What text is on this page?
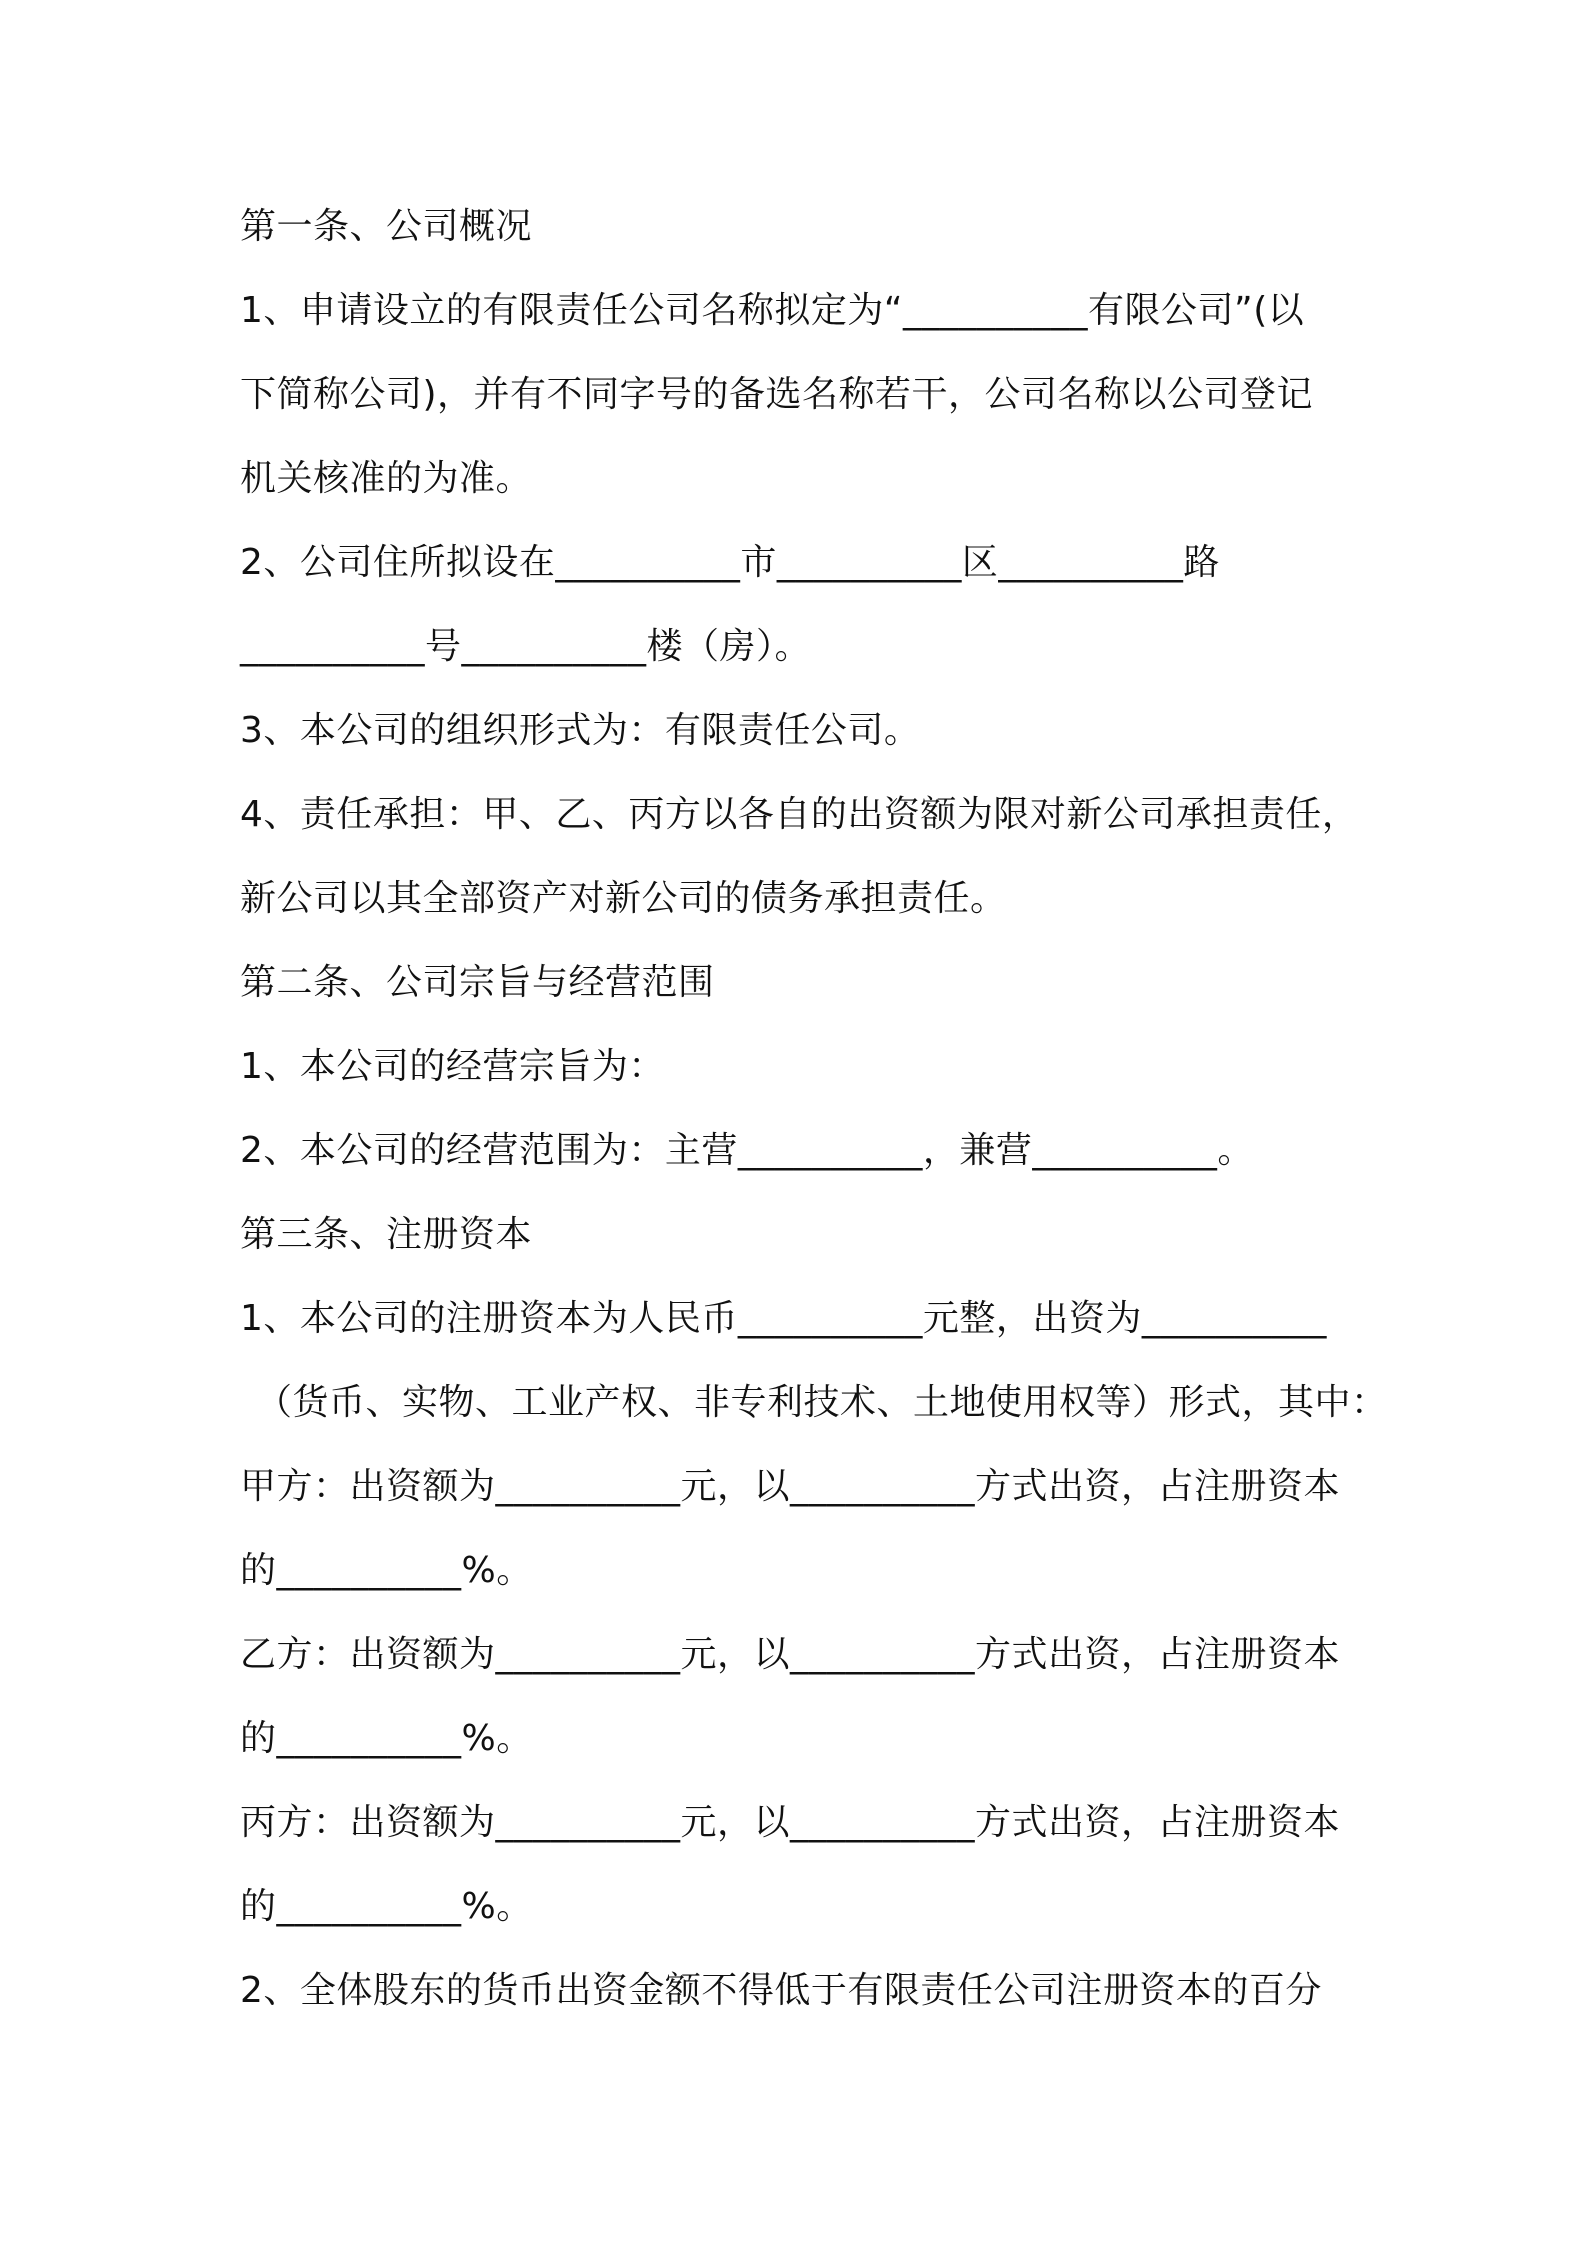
第一条、公司概况

1、申请设立的有限责任公司名称拟定为“__________有限公司”(以

下简称公司)，并有不同字号的备选名称若干，公司名称以公司登记

机关核准的为准。

2、公司住所拟设在__________市__________区__________路

__________号__________楼（房）。

3、本公司的组织形式为：有限责任公司。

4、责任承担：甲、乙、丙方以各自的出资额为限对新公司承担责任，

新公司以其全部资产对新公司的债务承担责任。

第二条、公司宗旨与经营范围

1、本公司的经营宗旨为：

2、本公司的经营范围为：主营__________，兼营__________。

第三条、注册资本

1、本公司的注册资本为人民币__________元整，出资为__________

（货币、实物、工业产权、非专利技术、土地使用权等）形式，其中：

甲方：出资额为__________元，以__________方式出资，占注册资本

的__________%。

乙方：出资额为__________元，以__________方式出资，占注册资本

的__________%。

丙方：出资额为__________元，以__________方式出资，占注册资本

的__________%。

2、全体股东的货币出资金额不得低于有限责任公司注册资本的百分
